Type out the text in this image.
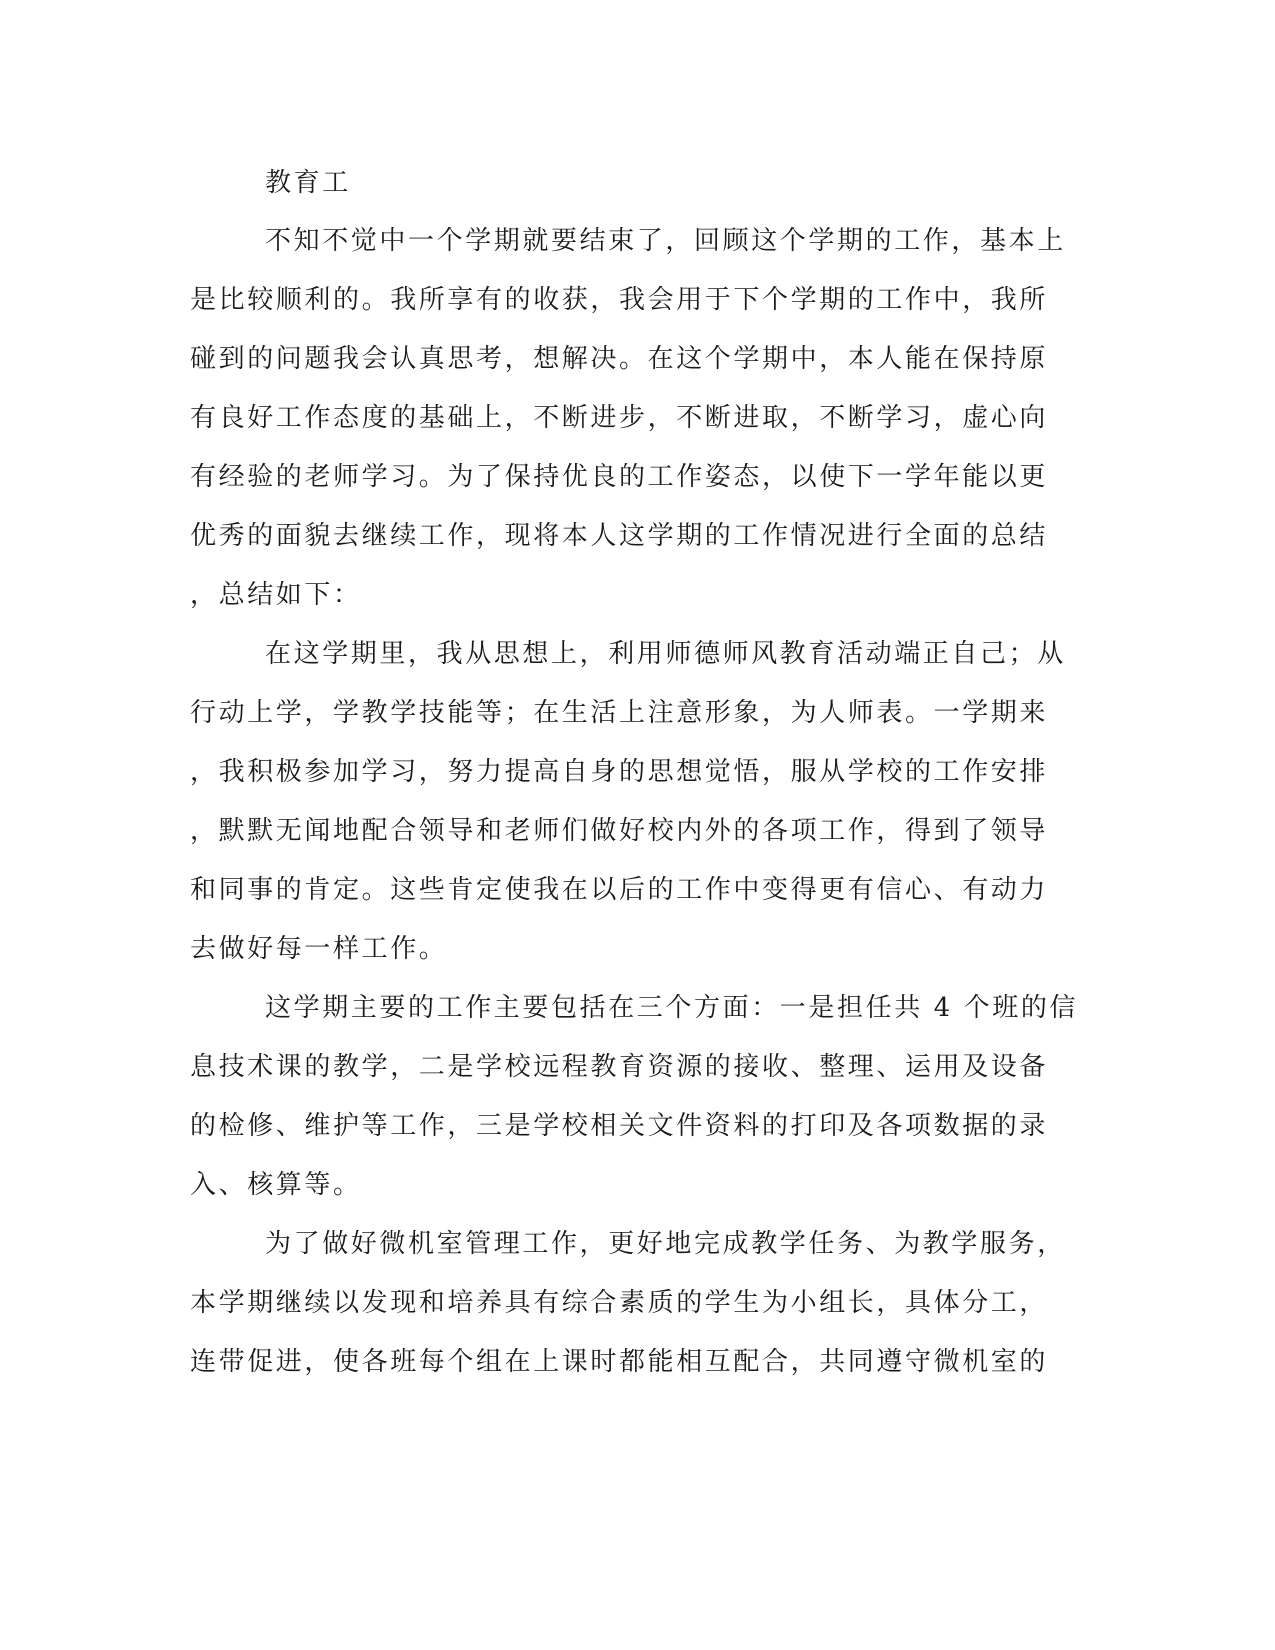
教育工
不知不觉中一个学期就要结束了，回顾这个学期的工作，基本上
是比较顺利的。我所享有的收获，我会用于下个学期的工作中，我所
碰到的问题我会认真思考，想解决。在这个学期中，本人能在保持原
有良好工作态度的基础上，不断进步，不断进取，不断学习，虚心向
有经验的老师学习。为了保持优良的工作姿态，以使下一学年能以更
优秀的面貌去继续工作，现将本人这学期的工作情况进行全面的总结
，总结如下：
在这学期里，我从思想上，利用师德师风教育活动端正自己；从
行动上学，学教学技能等；在生活上注意形象，为人师表。一学期来
，我积极参加学习，努力提高自身的思想觉悟，服从学校的工作安排
，默默无闻地配合领导和老师们做好校内外的各项工作，得到了领导
和同事的肯定。这些肯定使我在以后的工作中变得更有信心、有动力
去做好每一样工作。
这学期主要的工作主要包括在三个方面：一是担任共 4 个班的信
息技术课的教学，二是学校远程教育资源的接收、整理、运用及设备
的检修、维护等工作，三是学校相关文件资料的打印及各项数据的录
入、核算等。
为了做好微机室管理工作，更好地完成教学任务、为教学服务，
本学期继续以发现和培养具有综合素质的学生为小组长，具体分工，
连带促进，使各班每个组在上课时都能相互配合，共同遵守微机室的
